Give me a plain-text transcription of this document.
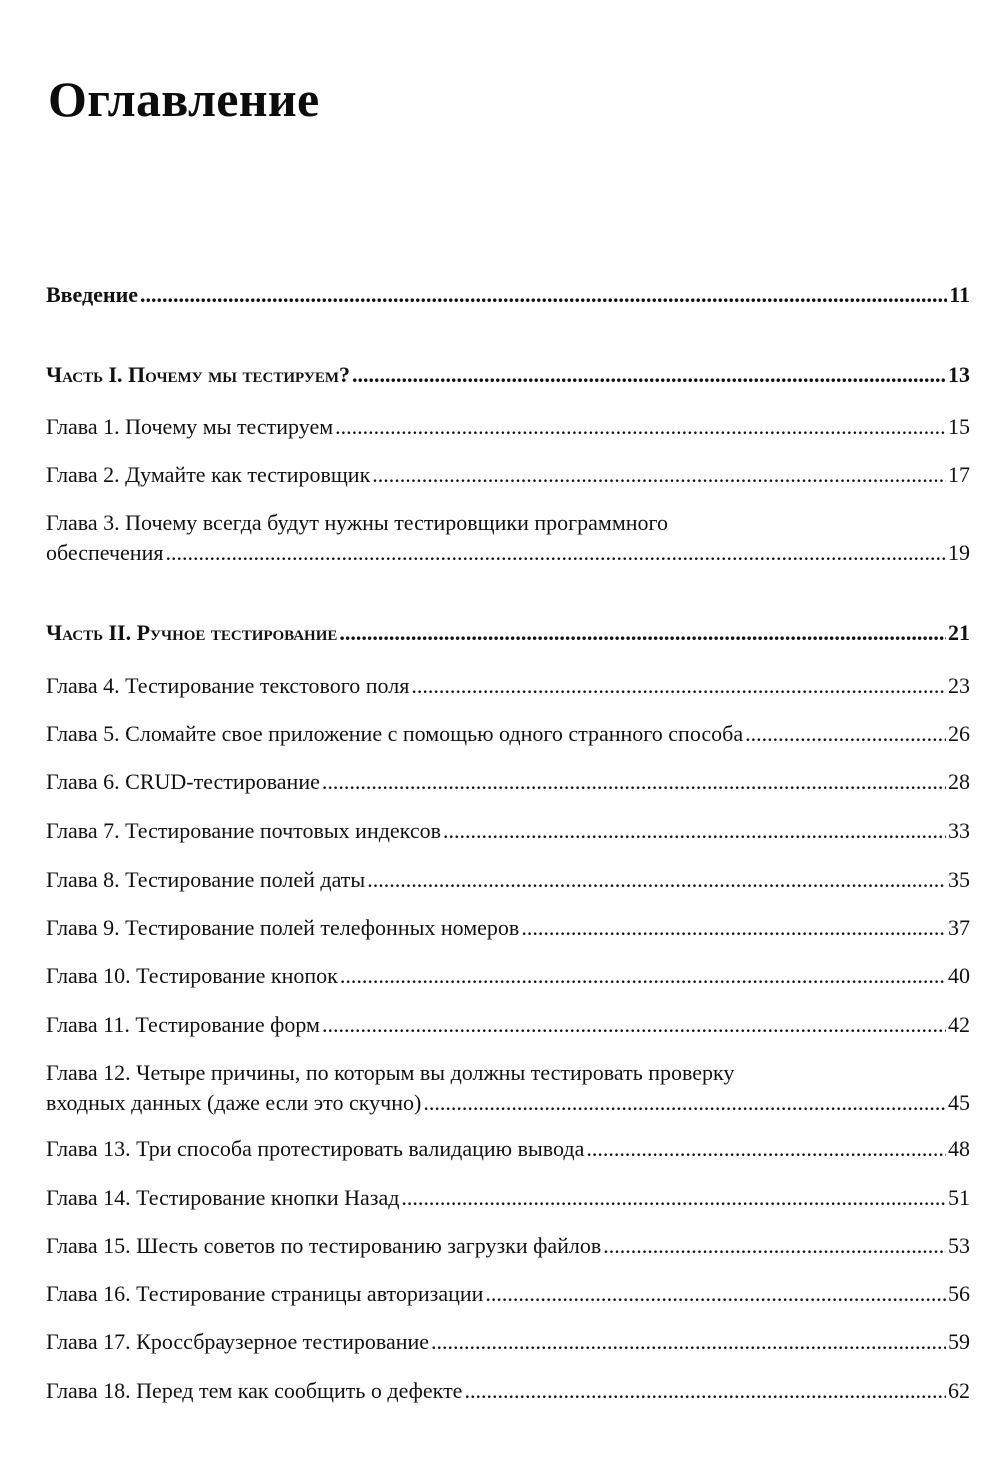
Оглавление
Введение .....	11
Часть I. Почему мы тестируем? .....	13
Глава 1. Почему мы тестируем .....	15
Глава 2. Думайте как тестировщик .....	17
Глава 3. Почему всегда будут нужны тестировщики программного
обеспечения .....	19
Часть II. Ручное тестирование .....	21
Глава 4. Тестирование текстового поля .....	23
Глава 5. Сломайте свое приложение с помощью одного странного способа .....	26
Глава 6. CRUD-тестирование .....	28
Глава 7. Тестирование почтовых индексов .....	33
Глава 8. Тестирование полей даты .....	35
Глава 9. Тестирование полей телефонных номеров .....	37
Глава 10. Тестирование кнопок .....	40
Глава 11. Тестирование форм .....	42
Глава 12. Четыре причины, по которым вы должны тестировать проверку
входных данных (даже если это скучно) .....	45
Глава 13. Три способа протестировать валидацию вывода .....	48
Глава 14. Тестирование кнопки Назад .....	51
Глава 15. Шесть советов по тестированию загрузки файлов .....	53
Глава 16. Тестирование страницы авторизации .....	56
Глава 17. Кроссбраузерное тестирование .....	59
Глава 18. Перед тем как сообщить о дефекте .....	62
